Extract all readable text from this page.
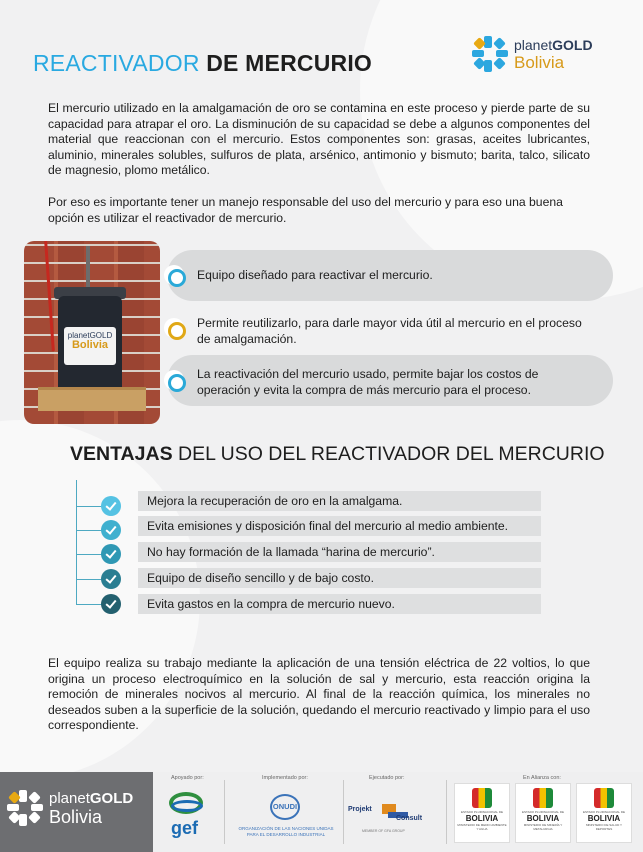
REACTIVADOR DE MERCURIO
planetGOLD
Bolivia

El mercurio utilizado en la amalgamación de oro se contamina en este proceso y pierde parte de su capacidad para atrapar el oro. La disminución de su capacidad se debe a algunos componentes del material que reaccionan con el mercurio. Estos componentes son: grasas, aceites lubricantes, aluminio, minerales solubles, sulfuros de plata, arsénico, antimonio y bismuto; barita, talco, silicato de magnesio, plomo metálico.

Por eso es importante tener un manejo responsable del uso del mercurio y para eso una buena opción es utilizar el reactivador de mercurio.

planetGOLD
Bolivia
Equipo diseñado para reactivar el mercurio.
Permite reutilizarlo, para darle mayor vida útil al mercurio en el proceso de amalgamación.
La reactivación del mercurio usado, permite bajar los costos de operación y evita la compra de más mercurio para el proceso.
VENTAJAS DEL USO DEL REACTIVADOR DEL MERCURIO
Mejora la recuperación de oro en la amalgama.
Evita emisiones y disposición final del mercurio al medio ambiente.
No hay formación de la llamada “harina de mercurio”.
Equipo de diseño sencillo y de bajo costo.
Evita gastos en la compra de mercurio nuevo.

El equipo realiza su trabajo mediante la aplicación de una tensión eléctrica de 22 voltios, lo que origina un proceso electroquímico en la solución de sal y mercurio, esta reacción origina la remoción de minerales nocivos al mercurio. Al final de la reacción química, los minerales no deseados suben a la superficie de la solución, quedando el mercurio reactivado y limpio para el uso correspondiente.

planetGOLD
Bolivia
Apoyado por:	Implementado por:	Ejecutado por:	En Alianza con:
gef
ONUDI
ORGANIZACIÓN DE LAS NACIONES UNIDAS PARA EL DESARROLLO INDUSTRIAL
Projekt
Consult
MEMBER OF GFA GROUP
ESTADO PLURINACIONAL DE
BOLIVIA
MINISTERIO DE MEDIO AMBIENTE Y AGUA
ESTADO PLURINACIONAL DE
BOLIVIA
MINISTERIO DE MINERÍA Y METALURGIA
ESTADO PLURINACIONAL DE
BOLIVIA
MINISTERIO DE SALUD Y DEPORTES
